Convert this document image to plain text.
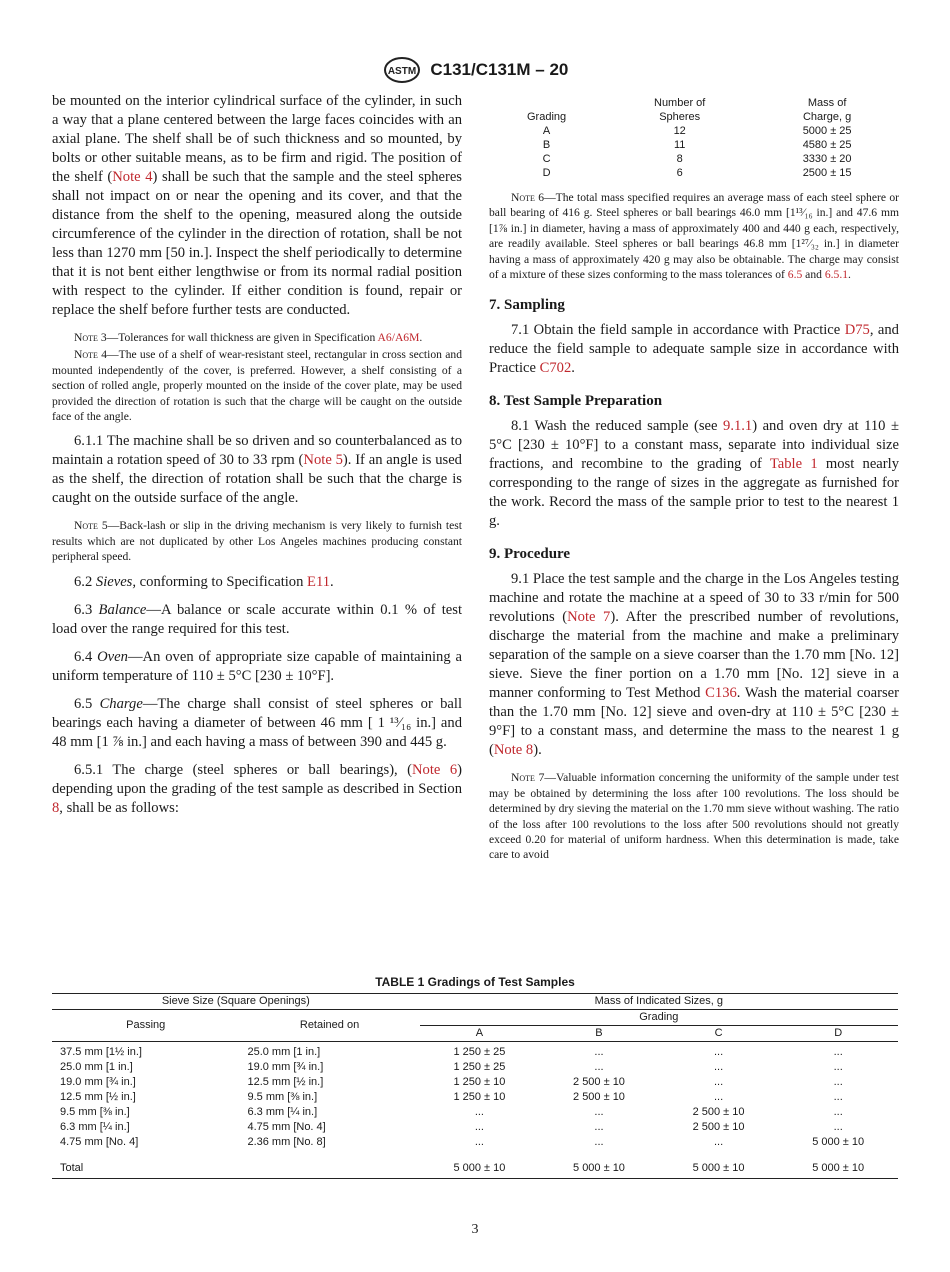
ASTM C131/C131M – 20

be mounted on the interior cylindrical surface of the cylinder, in such a way that a plane centered between the large faces coincides with an axial plane. The shelf shall be of such thickness and so mounted, by bolts or other suitable means, as to be firm and rigid. The position of the shelf (Note 4) shall be such that the sample and the steel spheres shall not impact on or near the opening and its cover, and that the distance from the shelf to the opening, measured along the outside circumference of the cylinder in the direction of rotation, shall be not less than 1270 mm [50 in.]. Inspect the shelf periodically to determine that it is not bent either lengthwise or from its normal radial position with respect to the cylinder. If either condition is found, repair or replace the shelf before further tests are conducted.

Note 3—Tolerances for wall thickness are given in Specification A6/A6M.

Note 4—The use of a shelf of wear-resistant steel, rectangular in cross section and mounted independently of the cover, is preferred. However, a shelf consisting of a section of rolled angle, properly mounted on the inside of the cover plate, may be used provided the direction of rotation is such that the charge will be caught on the outside face of the angle.

6.1.1 The machine shall be so driven and so counterbalanced as to maintain a rotation speed of 30 to 33 rpm (Note 5). If an angle is used as the shelf, the direction of rotation shall be such that the charge is caught on the outside surface of the angle.

Note 5—Back-lash or slip in the driving mechanism is very likely to furnish test results which are not duplicated by other Los Angeles machines producing constant peripheral speed.

6.2 Sieves, conforming to Specification E11.

6.3 Balance—A balance or scale accurate within 0.1 % of test load over the range required for this test.

6.4 Oven—An oven of appropriate size capable of maintaining a uniform temperature of 110 ± 5°C [230 ± 10°F].

6.5 Charge—The charge shall consist of steel spheres or ball bearings each having a diameter of between 46 mm [ 1 ¹³⁄₁₆ in.] and 48 mm [1 ⅞ in.] and each having a mass of between 390 and 445 g.

6.5.1 The charge (steel spheres or ball bearings), (Note 6) depending upon the grading of the test sample as described in Section 8, shall be as follows:

	Number of	Mass of
Grading	Spheres	Charge, g
A	12	5000 ± 25
B	11	4580 ± 25
C	8	3330 ± 20
D	6	2500 ± 15

Note 6—The total mass specified requires an average mass of each steel sphere or ball bearing of 416 g. Steel spheres or ball bearings 46.0 mm [1¹³⁄₁₆ in.] and 47.6 mm [1⅞ in.] in diameter, having a mass of approximately 400 and 440 g each, respectively, are readily available. Steel spheres or ball bearings 46.8 mm [1²⁷⁄₃₂ in.] in diameter having a mass of approximately 420 g may also be obtainable. The charge may consist of a mixture of these sizes conforming to the mass tolerances of 6.5 and 6.5.1.

7. Sampling

7.1 Obtain the field sample in accordance with Practice D75, and reduce the field sample to adequate sample size in accordance with Practice C702.

8. Test Sample Preparation

8.1 Wash the reduced sample (see 9.1.1) and oven dry at 110 ± 5°C [230 ± 10°F] to a constant mass, separate into individual size fractions, and recombine to the grading of Table 1 most nearly corresponding to the range of sizes in the aggregate as furnished for the work. Record the mass of the sample prior to test to the nearest 1 g.

9. Procedure

9.1 Place the test sample and the charge in the Los Angeles testing machine and rotate the machine at a speed of 30 to 33 r/min for 500 revolutions (Note 7). After the prescribed number of revolutions, discharge the material from the machine and make a preliminary separation of the sample on a sieve coarser than the 1.70 mm [No. 12] sieve. Sieve the finer portion on a 1.70 mm [No. 12] sieve in a manner conforming to Test Method C136. Wash the material coarser than the 1.70 mm [No. 12] sieve and oven-dry at 110 ± 5°C [230 ± 9°F] to a constant mass, and determine the mass to the nearest 1 g (Note 8).

Note 7—Valuable information concerning the uniformity of the sample under test may be obtained by determining the loss after 100 revolutions. The loss should be determined by dry sieving the material on the 1.70 mm sieve without washing. The ratio of the loss after 100 revolutions to the loss after 500 revolutions should not greatly exceed 0.20 for material of uniform hardness. When this determination is made, take care to avoid

TABLE 1 Gradings of Test Samples
Sieve Size (Square Openings)		Mass of Indicated Sizes, g			
Passing	Retained on	Grading			
		A	B	C	D
37.5 mm [1½ in.]	25.0 mm [1 in.]	1 250 ± 25	...	...	...
25.0 mm [1 in.]	19.0 mm [¾ in.]	1 250 ± 25	...	...	...
19.0 mm [¾ in.]	12.5 mm [½ in.]	1 250 ± 10	2 500 ± 10	...	...
12.5 mm [½ in.]	9.5 mm [⅜ in.]	1 250 ± 10	2 500 ± 10	...	...
9.5 mm [⅜ in.]	6.3 mm [¼ in.]	...	...	2 500 ± 10	...
6.3 mm [¼ in.]	4.75 mm [No. 4]	...	...	2 500 ± 10	...
4.75 mm [No. 4]	2.36 mm [No. 8]	...	...	...	5 000 ± 10
Total		5 000 ± 10	5 000 ± 10	5 000 ± 10	5 000 ± 10
3
